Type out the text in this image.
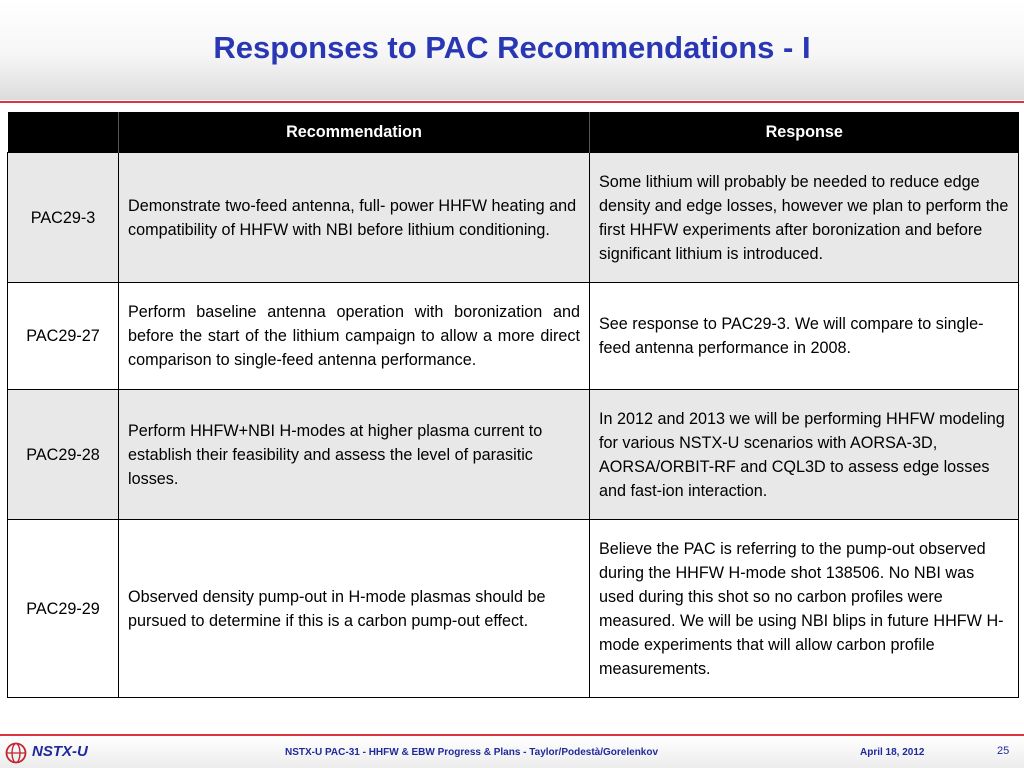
Responses to PAC Recommendations - I
	Recommendation	Response
PAC29-3	Demonstrate two-feed antenna, full- power HHFW heating and compatibility of HHFW with NBI before lithium conditioning.	Some lithium will probably be needed to reduce edge density and edge losses, however we plan to perform the first HHFW experiments after boronization and before significant lithium is introduced.
PAC29-27	Perform baseline antenna operation with boronization and before the start of the lithium campaign to allow a more direct comparison to single-feed antenna performance.	See response to PAC29-3. We will compare to single-feed antenna performance in 2008.
PAC29-28	Perform HHFW+NBI H-modes at higher plasma current to establish their feasibility and assess the level of parasitic losses.	In 2012 and 2013 we will be performing HHFW modeling for various NSTX-U scenarios with AORSA-3D, AORSA/ORBIT-RF and CQL3D to assess edge losses and fast-ion interaction.
PAC29-29	Observed density pump-out in H-mode plasmas should be pursued to determine if this is a carbon pump-out effect.	Believe the PAC is referring to the pump-out observed during the HHFW H-mode shot 138506. No NBI was used during this shot so no carbon profiles were measured. We will be using NBI blips in future HHFW H-mode experiments that will allow carbon profile measurements.
NSTX-U	NSTX-U PAC-31 - HHFW & EBW Progress & Plans - Taylor/Podestà/Gorelenkov	April 18, 2012	25
